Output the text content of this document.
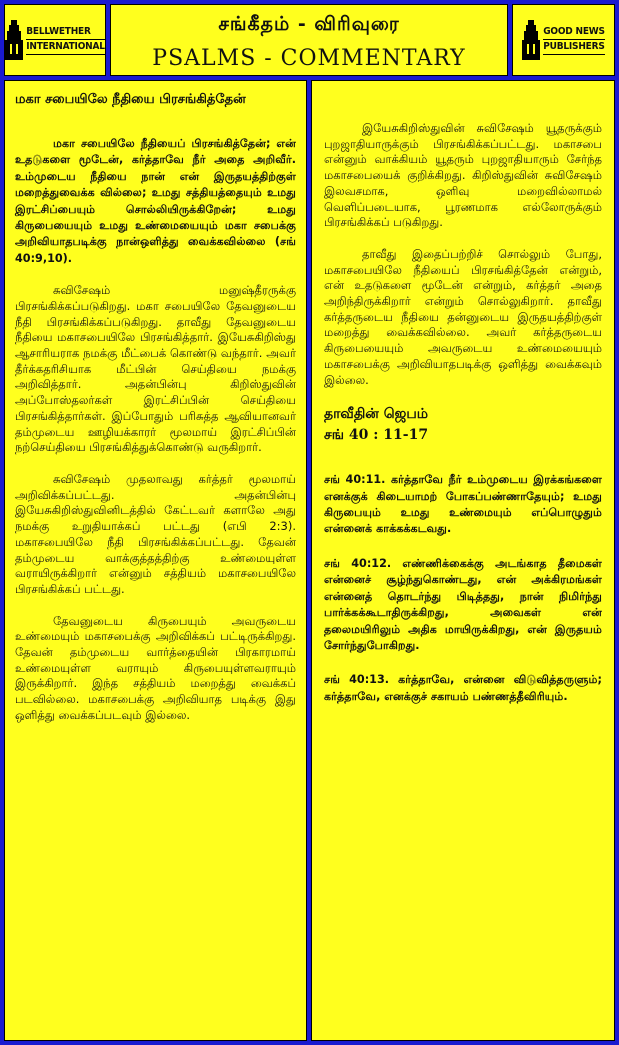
BELLWETHER
INTERNATIONAL
சங்கீதம் - விரிவுரை
PSALMS - COMMENTARY
GOOD NEWS
PUBLISHERS

மகா சபையிலே நீதியை பிரசங்கித்தேன்

மகா சபையிலே நீதியைப் பிரசங்கித்தேன்; என் உதடுகளை மூடேன், கர்த்தாவே நீர் அதை அறிவீர். உம்முடைய நீதியை நான் என் இருதயத்திற்குள் மறைத்துவைக்க வில்லை; உமது சத்தியத்தையும் உமது இரட்சிப்பையும் சொல்லியிருக்கிறேன்; உமது கிருபையையும் உமது உண்மையையும் மகா சபைக்கு அறிவியாதபடிக்கு நான்ஒளித்து வைக்கவில்லை (சங் 40:9,10).

சுவிசேஷம் மனுஷ்தீரருக்கு பிரசங்கிக்கப்படுகிறது. மகா சபையிலே தேவனுடைய நீதி பிரசங்கிக்கப்படுகிறது. தாவீது தேவனுடைய நீதியை மகாசபையிலே பிரசங்கித்தார். இயேசுகிறிஸ்து ஆசாரியராக நமக்கு மீட்பைக் கொண்டு வந்தார். அவர் தீர்க்கதரிசியாக மீட்பின் செய்தியை நமக்கு அறிவித்தார். அதன்பின்பு கிறிஸ்துவின் அப்போஸ்தலர்கள் இரட்சிப்பின் செய்தியை பிரசங்கித்தார்கள். இப்போதும் பரிசுத்த ஆவியானவர் தம்முடைய ஊழியக்காரர் மூலமாய் இரட்சிப்பின் நற்செய்தியை பிரசங்கித்துக்கொண்டு வருகிறார்.

சுவிசேஷம் முதலாவது கர்த்தர் மூலமாய் அறிவிக்கப்பட்டது. அதன்பின்பு இயேசுகிறிஸ்துவினிடத்தில் கேட்டவர் களாலே அது நமக்கு உறுதியாக்கப் பட்டது (எபி 2:3). மகாசபையிலே நீதி பிரசங்கிக்கப்பட்டது. தேவன் தம்முடைய வாக்குத்தத்திற்கு உண்மையுள்ள வராயிருக்கிறார் என்னும் சத்தியம் மகாசபையிலே பிரசங்கிக்கப் பட்டது.

தேவனுடைய கிருபையும் அவருடைய உண்மையும் மகாசபைக்கு அறிவிக்கப் பட்டிருக்கிறது. தேவன் தம்முடைய வார்த்தையின் பிரகாரமாய் உண்மையுள்ள வராயும் கிருபையுள்ளவராயும் இருக்கிறார். இந்த சத்தியம் மறைத்து வைக்கப் படவில்லை. மகாசபைக்கு அறிவியாத படிக்கு இது ஒளித்து வைக்கப்படவும் இல்லை.

இயேசுகிறிஸ்துவின் சுவிசேஷம் யூதருக்கும் புறஜாதியாருக்கும் பிரசங்கிக்கப்பட்டது. மகாசபை என்னும் வாக்கியம் யூதரும் புறஜாதியாரும் சேர்ந்த மகாசபையைக் குறிக்கிறது. கிறிஸ்துவின் சுவிசேஷம் இலவசமாக, ஒளிவு மறைவில்லாமல் வெளிப்படையாக, பூரணமாக எல்லோருக்கும் பிரசங்கிக்கப் படுகிறது.

தாவீது இதைப்பற்றிச் சொல்லும் போது, மகாசபையிலே நீதியைப் பிரசங்கித்தேன் என்றும், என் உதடுகளை மூடேன் என்றும், கர்த்தர் அதை அறிந்திருக்கிறார் என்றும் சொல்லுகிறார். தாவீது கர்த்தருடைய நீதியை தன்னுடைய இருதயத்திற்குள் மறைத்து வைக்கவில்லை. அவர் கர்த்தருடைய கிருபையையும் அவருடைய உண்மையையும் மகாசபைக்கு அறிவியாதபடிக்கு ஒளித்து வைக்கவும் இல்லை.

தாவீதின் ஜெபம்
சங் 40 : 11-17

சங் 40:11. கர்த்தாவே நீர் உம்முடைய இரக்கங்களை எனக்குக் கிடையாமற் போகப்பண்ணாதேயும்; உமது கிருபையும் உமது உண்மையும் எப்பொழுதும் என்னைக் காக்கக்கடவது.

சங் 40:12. எண்ணிக்கைக்கு அடங்காத தீமைகள் என்னைச் சூழ்ந்துகொண்டது, என் அக்கிரமங்கள் என்னைத் தொடர்ந்து பிடித்தது, நான் நிமிர்ந்து பார்க்கக்கூடாதிருக்கிறது, அவைகள் என் தலைமயிரிலும் அதிக மாயிருக்கிறது, என் இருதயம் சோர்ந்துபோகிறது.

சங் 40:13. கர்த்தாவே, என்னை விடுவித்தருளும்; கர்த்தாவே, எனக்குச் சகாயம் பண்ணத்தீவிரியும்.
